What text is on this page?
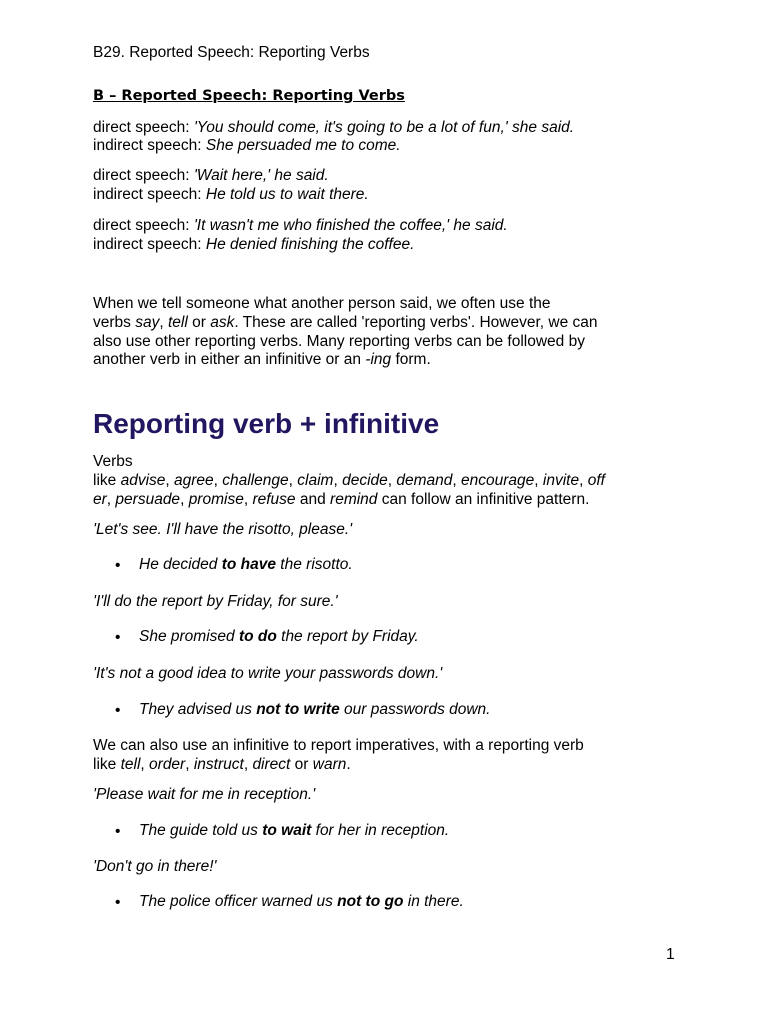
B29. Reported Speech: Reporting Verbs
B – Reported Speech: Reporting Verbs
direct speech: 'You should come, it's going to be a lot of fun,' she said.
indirect speech: She persuaded me to come.
direct speech: 'Wait here,' he said.
indirect speech: He told us to wait there.
direct speech: 'It wasn't me who finished the coffee,' he said.
indirect speech: He denied finishing the coffee.
When we tell someone what another person said, we often use the
verbs say, tell or ask. These are called 'reporting verbs'. However, we can
also use other reporting verbs. Many reporting verbs can be followed by
another verb in either an infinitive or an -ing form.
Reporting verb + infinitive
Verbs
like advise, agree, challenge, claim, decide, demand, encourage, invite, off
er, persuade, promise, refuse and remind can follow an infinitive pattern.
'Let's see. I'll have the risotto, please.'
• He decided to have the risotto.
'I'll do the report by Friday, for sure.'
• She promised to do the report by Friday.
'It's not a good idea to write your passwords down.'
• They advised us not to write our passwords down.
We can also use an infinitive to report imperatives, with a reporting verb
like tell, order, instruct, direct or warn.
'Please wait for me in reception.'
• The guide told us to wait for her in reception.
'Don't go in there!'
• The police officer warned us not to go in there.
1
